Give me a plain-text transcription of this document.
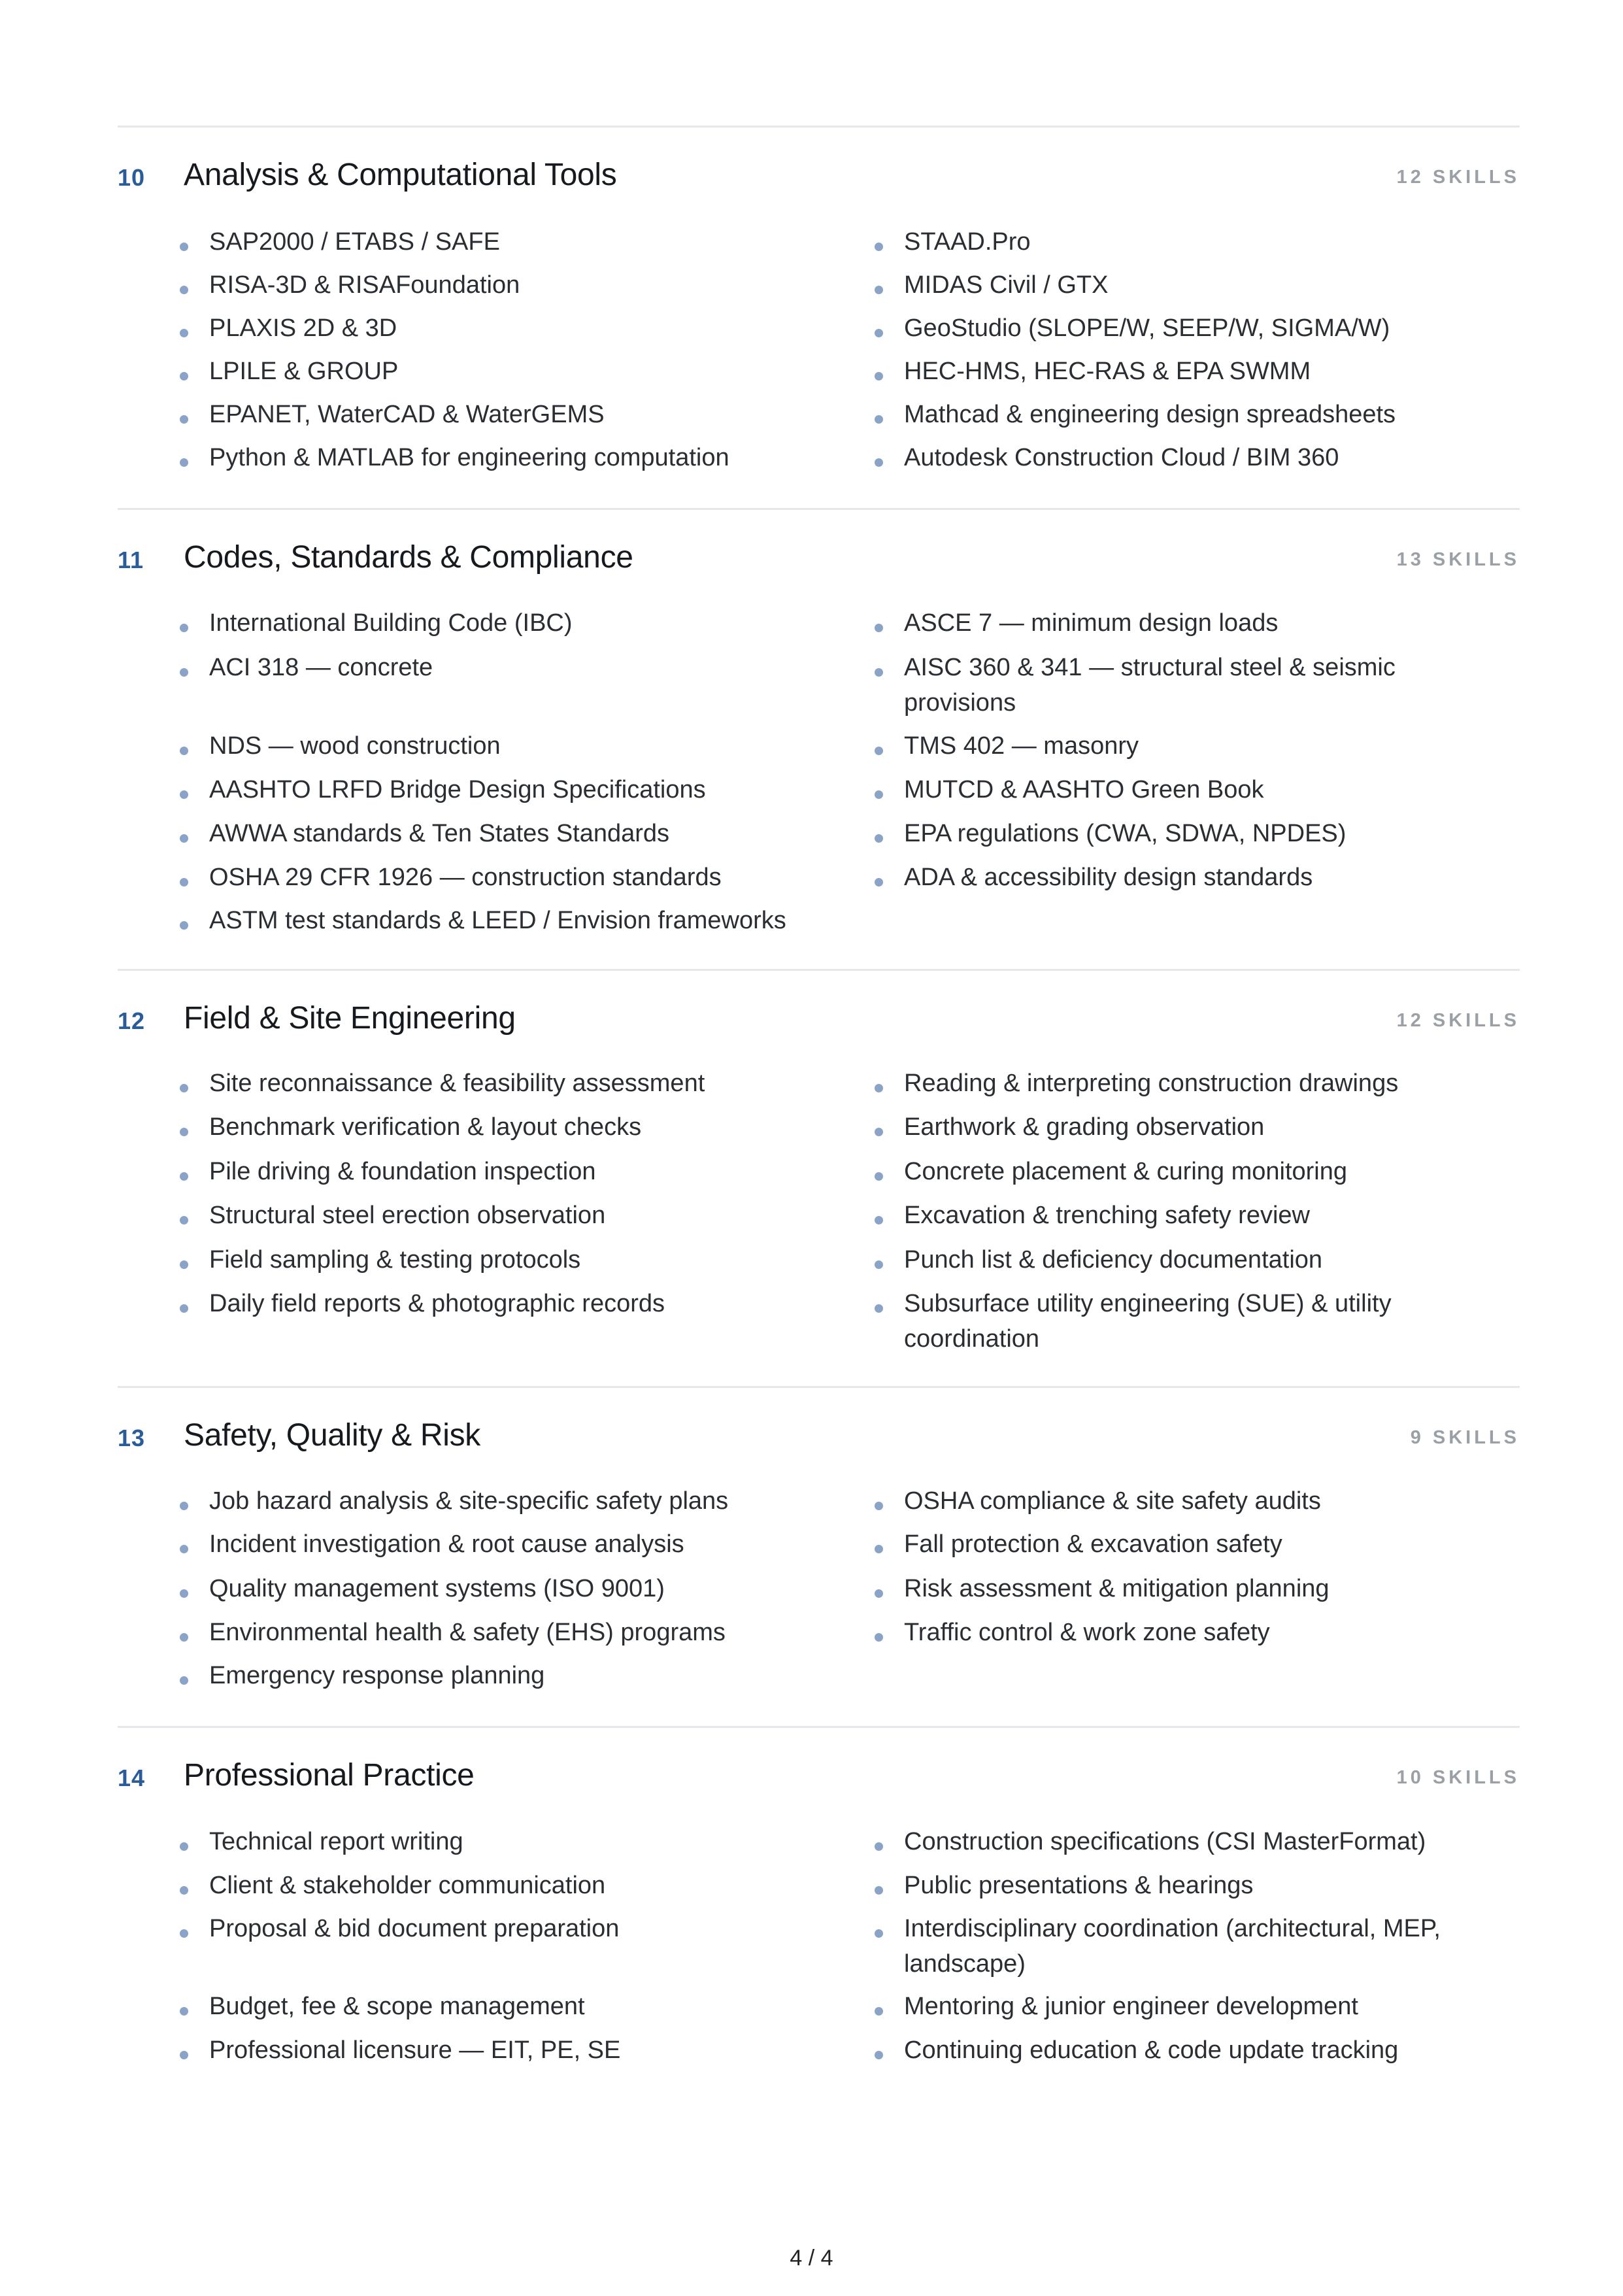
10 Analysis & Computational Tools	12 SKILLS
SAP2000 / ETABS / SAFE	STAAD.Pro
RISA-3D & RISAFoundation	MIDAS Civil / GTX
PLAXIS 2D & 3D	GeoStudio (SLOPE/W, SEEP/W, SIGMA/W)
LPILE & GROUP	HEC-HMS, HEC-RAS & EPA SWMM
EPANET, WaterCAD & WaterGEMS	Mathcad & engineering design spreadsheets
Python & MATLAB for engineering computation	Autodesk Construction Cloud / BIM 360
11 Codes, Standards & Compliance	13 SKILLS
International Building Code (IBC)	ASCE 7 — minimum design loads
ACI 318 — concrete	AISC 360 & 341 — structural steel & seismic provisions
NDS — wood construction	TMS 402 — masonry
AASHTO LRFD Bridge Design Specifications	MUTCD & AASHTO Green Book
AWWA standards & Ten States Standards	EPA regulations (CWA, SDWA, NPDES)
OSHA 29 CFR 1926 — construction standards	ADA & accessibility design standards
ASTM test standards & LEED / Envision frameworks
12 Field & Site Engineering	12 SKILLS
Site reconnaissance & feasibility assessment	Reading & interpreting construction drawings
Benchmark verification & layout checks	Earthwork & grading observation
Pile driving & foundation inspection	Concrete placement & curing monitoring
Structural steel erection observation	Excavation & trenching safety review
Field sampling & testing protocols	Punch list & deficiency documentation
Daily field reports & photographic records	Subsurface utility engineering (SUE) & utility coordination
13 Safety, Quality & Risk	9 SKILLS
Job hazard analysis & site-specific safety plans	OSHA compliance & site safety audits
Incident investigation & root cause analysis	Fall protection & excavation safety
Quality management systems (ISO 9001)	Risk assessment & mitigation planning
Environmental health & safety (EHS) programs	Traffic control & work zone safety
Emergency response planning
14 Professional Practice	10 SKILLS
Technical report writing	Construction specifications (CSI MasterFormat)
Client & stakeholder communication	Public presentations & hearings
Proposal & bid document preparation	Interdisciplinary coordination (architectural, MEP, landscape)
Budget, fee & scope management	Mentoring & junior engineer development
Professional licensure — EIT, PE, SE	Continuing education & code update tracking
4 / 4
